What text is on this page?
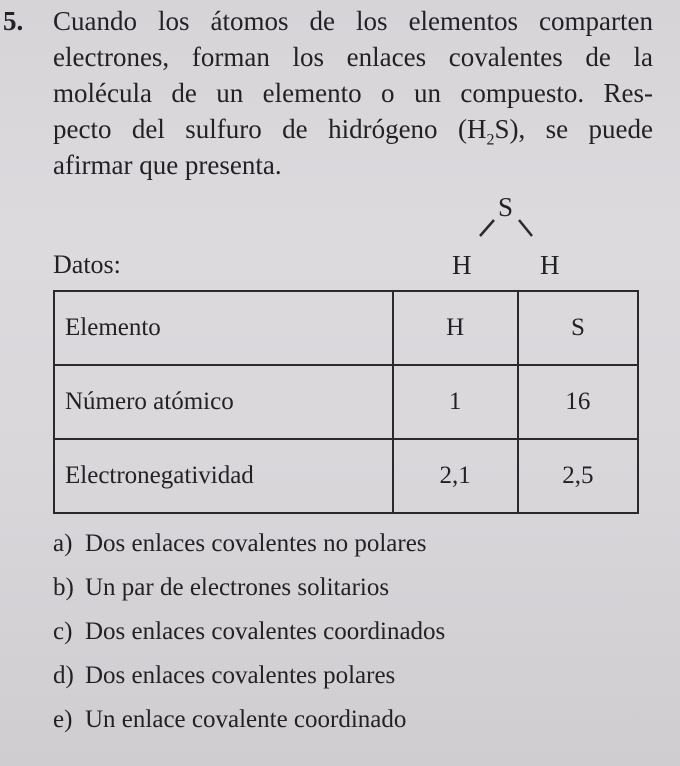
5. Cuando los átomos de los elementos comparten
electrones, forman los enlaces covalentes de la
molécula de un elemento o un compuesto. Res-
pecto del sulfuro de hidrógeno $(H_2S)$, se puede
afirmar que presenta.
Datos:
S
H	H
Elemento	H	S
Número atómico	1	16
Electronegatividad	2,1	2,5
a) Dos enlaces covalentes no polares
b) Un par de electrones solitarios
c) Dos enlaces covalentes coordinados
d) Dos enlaces covalentes polares
e) Un enlace covalente coordinado
